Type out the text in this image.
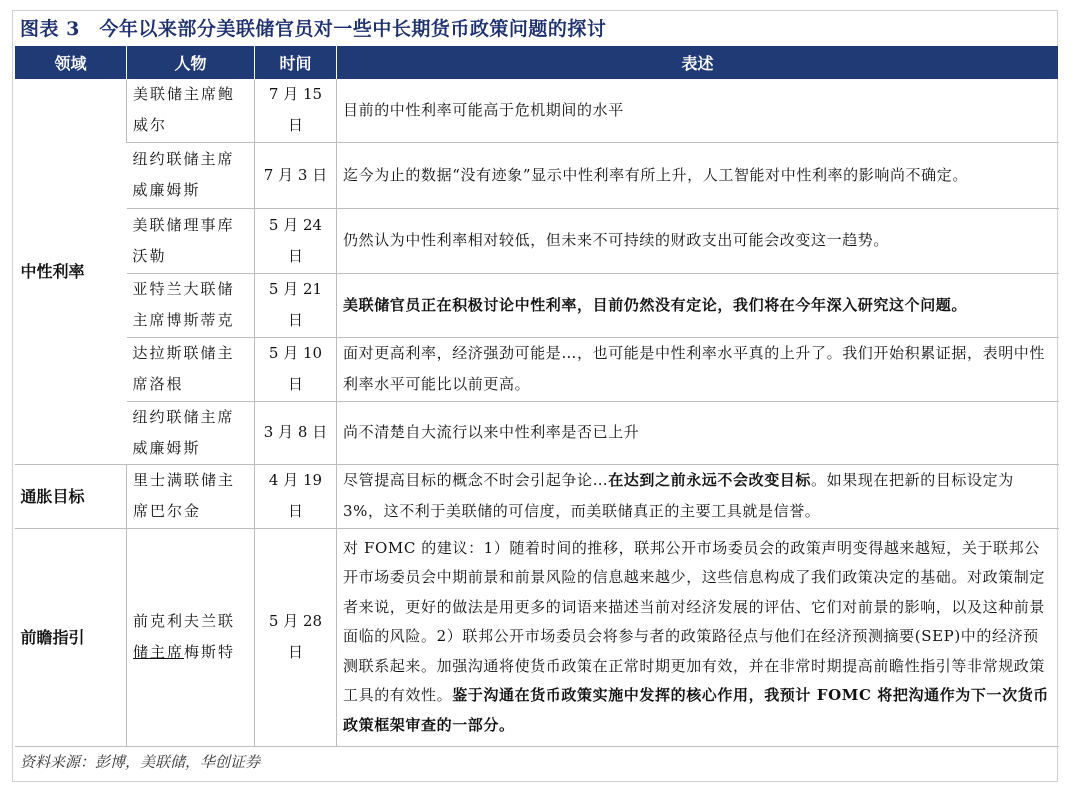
图表 3　今年以来部分美联储官员对一些中长期货币政策问题的探讨
领域	人物	时间	表述
中性利率	美联储主席鲍威尔	7 月 15 日	目前的中性利率可能高于危机期间的水平
	纽约联储主席威廉姆斯	7 月 3 日	迄今为止的数据“没有迹象”显示中性利率有所上升，人工智能对中性利率的影响尚不确定。
	美联储理事库沃勒	5 月 24 日	仍然认为中性利率相对较低，但未来不可持续的财政支出可能会改变这一趋势。
	亚特兰大联储主席博斯蒂克	5 月 21 日	美联储官员正在积极讨论中性利率，目前仍然没有定论，我们将在今年深入研究这个问题。
	达拉斯联储主席洛根	5 月 10 日	面对更高利率，经济强劲可能是…，也可能是中性利率水平真的上升了。我们开始积累证据，表明中性利率水平可能比以前更高。
	纽约联储主席威廉姆斯	3 月 8 日	尚不清楚自大流行以来中性利率是否已上升
通胀目标	里士满联储主席巴尔金	4 月 19 日	尽管提高目标的概念不时会引起争论…在达到之前永远不会改变目标。如果现在把新的目标设定为 3%，这不利于美联储的可信度，而美联储真正的主要工具就是信誉。
前瞻指引	前克利夫兰联储主席梅斯特	5 月 28 日	对 FOMC 的建议：1）随着时间的推移，联邦公开市场委员会的政策声明变得越来越短，关于联邦公开市场委员会中期前景和前景风险的信息越来越少，这些信息构成了我们政策决定的基础。对政策制定者来说，更好的做法是用更多的词语来描述当前对经济发展的评估、它们对前景的影响，以及这种前景面临的风险。2）联邦公开市场委员会将参与者的政策路径点与他们在经济预测摘要(SEP)中的经济预测联系起来。加强沟通将使货币政策在正常时期更加有效，并在非常时期提高前瞻性指引等非常规政策工具的有效性。鉴于沟通在货币政策实施中发挥的核心作用，我预计 FOMC 将把沟通作为下一次货币政策框架审查的一部分。
资料来源：彭博，美联储，华创证券
